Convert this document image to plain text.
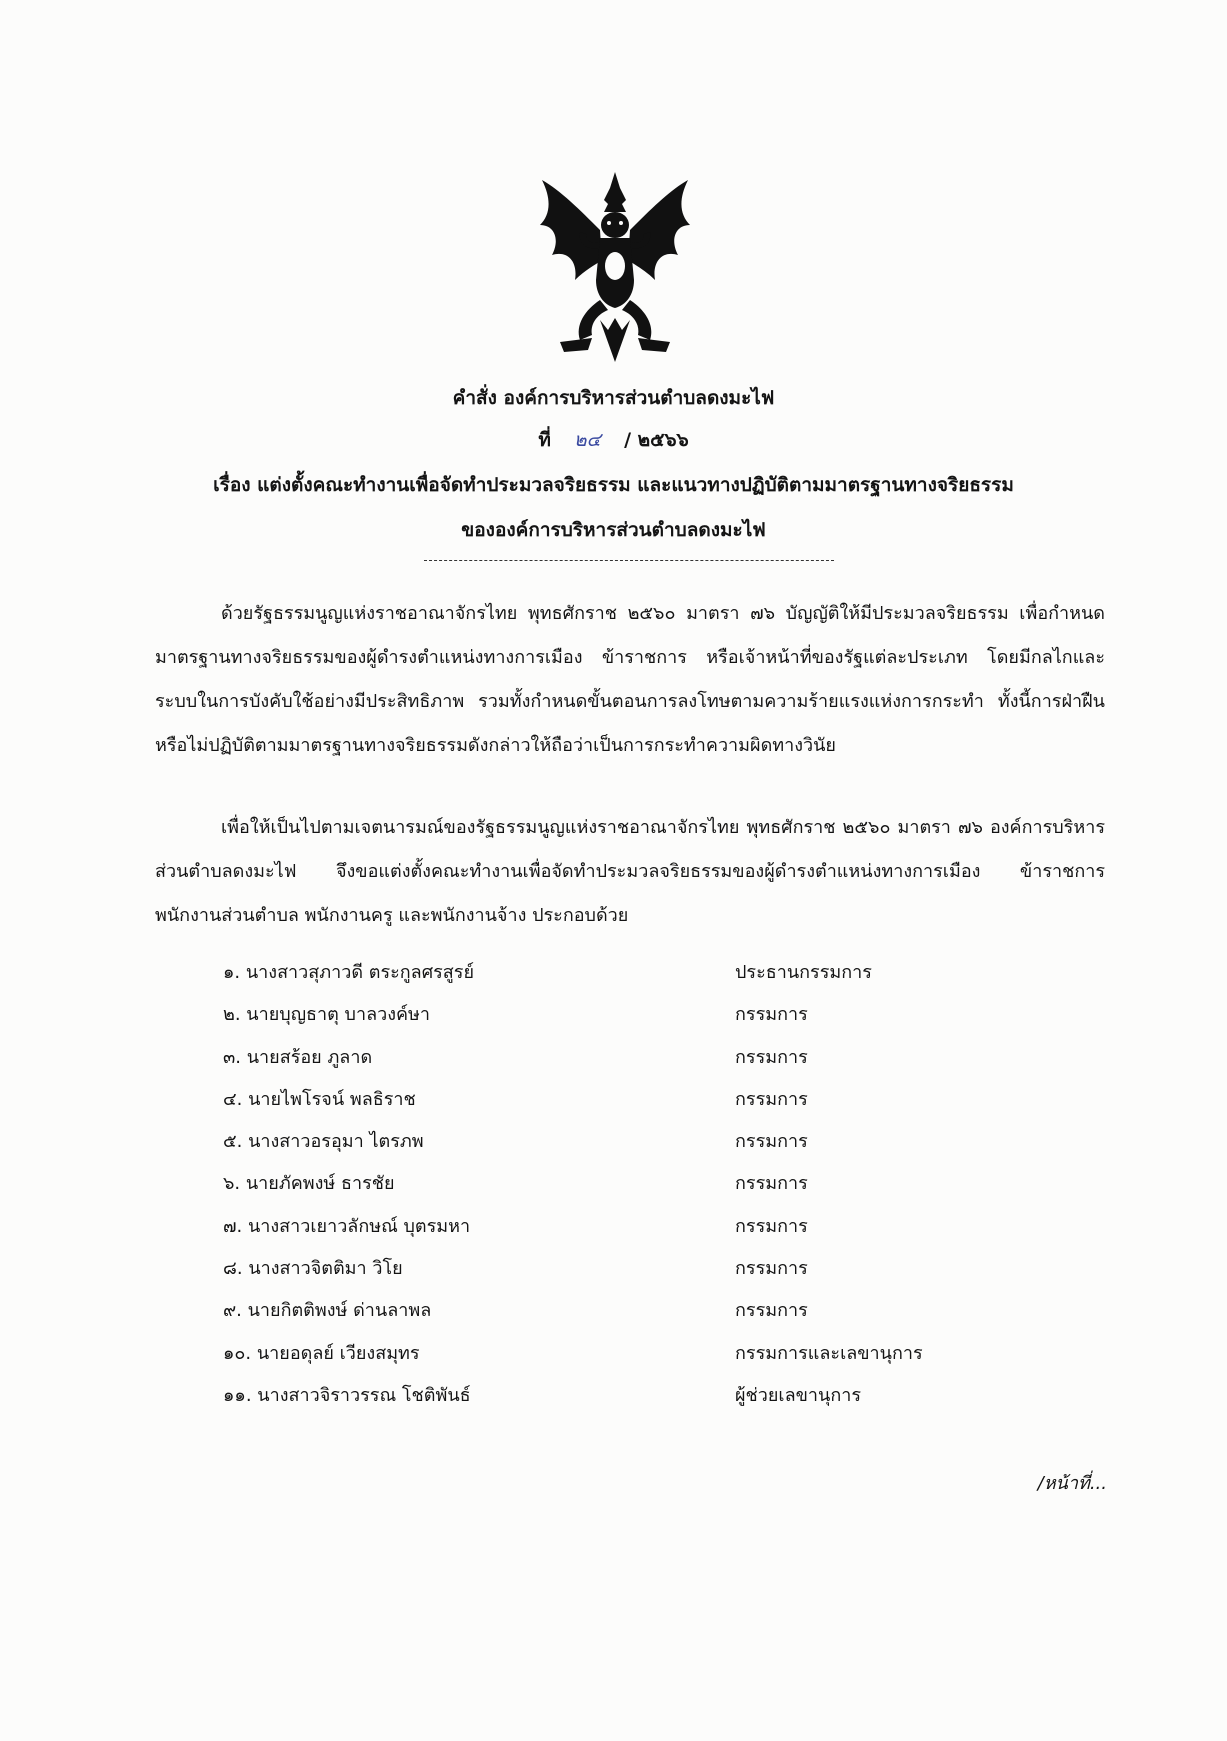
คำสั่ง องค์การบริหารส่วนตำบลดงมะไฟ
ที่ ๒๔ / ๒๕๖๖
เรื่อง แต่งตั้งคณะทำงานเพื่อจัดทำประมวลจริยธรรม และแนวทางปฏิบัติตามมาตรฐานทางจริยธรรม
ขององค์การบริหารส่วนตำบลดงมะไฟ
ด้วยรัฐธรรมนูญแห่งราชอาณาจักรไทย พุทธศักราช ๒๕๖๐ มาตรา ๗๖ บัญญัติให้มีประมวลจริยธรรม เพื่อกำหนดมาตรฐานทางจริยธรรมของผู้ดำรงตำแหน่งทางการเมือง ข้าราชการ หรือเจ้าหน้าที่ของรัฐแต่ละประเภท โดยมีกลไกและระบบในการบังคับใช้อย่างมีประสิทธิภาพ รวมทั้งกำหนดขั้นตอนการลงโทษตามความร้ายแรงแห่งการกระทำ ทั้งนี้การฝ่าฝืน หรือไม่ปฏิบัติตามมาตรฐานทางจริยธรรมดังกล่าวให้ถือว่าเป็นการกระทำความผิดทางวินัย
เพื่อให้เป็นไปตามเจตนารมณ์ของรัฐธรรมนูญแห่งราชอาณาจักรไทย พุทธศักราช ๒๕๖๐ มาตรา ๗๖ องค์การบริหารส่วนตำบลดงมะไฟ จึงขอแต่งตั้งคณะทำงานเพื่อจัดทำประมวลจริยธรรมของผู้ดำรงตำแหน่งทางการเมือง ข้าราชการ พนักงานส่วนตำบล พนักงานครู และพนักงานจ้าง ประกอบด้วย
๑. นางสาวสุภาวดี ตระกูลศรสูรย์	ประธานกรรมการ
๒. นายบุญธาตุ บาลวงค์ษา	กรรมการ
๓. นายสร้อย ภูลาด	กรรมการ
๔. นายไพโรจน์ พลธิราช	กรรมการ
๕. นางสาวอรอุมา ไตรภพ	กรรมการ
๖. นายภัคพงษ์ ธารชัย	กรรมการ
๗. นางสาวเยาวลักษณ์ บุตรมหา	กรรมการ
๘. นางสาวจิตติมา วิโย	กรรมการ
๙. นายกิตติพงษ์ ด่านลาพล	กรรมการ
๑๐. นายอดุลย์ เวียงสมุทร	กรรมการและเลขานุการ
๑๑. นางสาวจิราวรรณ โชติพันธ์	ผู้ช่วยเลขานุการ
/หน้าที่...
